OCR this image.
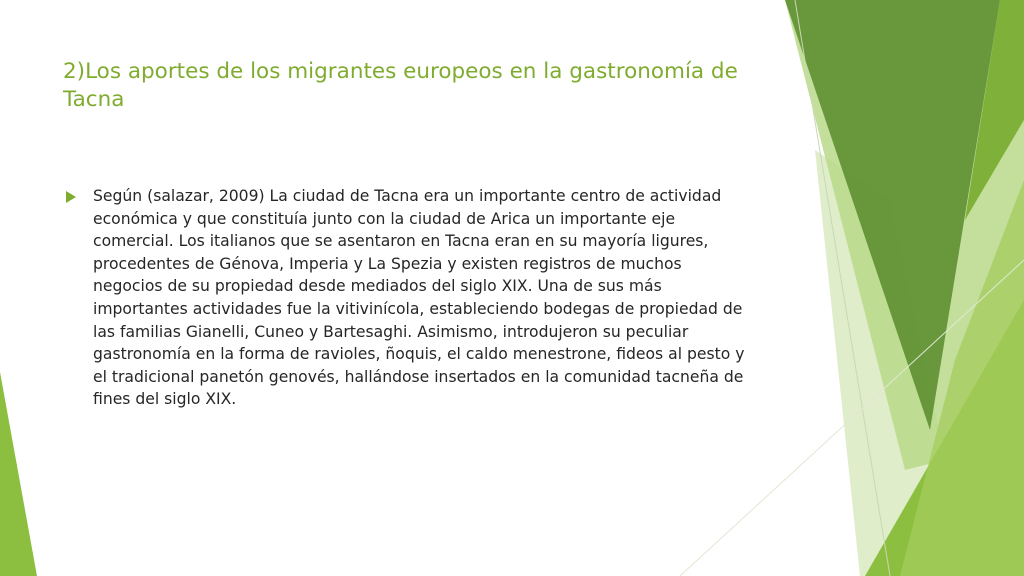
2)Los aportes de los migrantes europeos en la gastronomía de Tacna

Según (salazar, 2009) La ciudad de Tacna era un importante centro de actividad económica y que constituía junto con la ciudad de Arica un importante eje comercial. Los italianos que se asentaron en Tacna eran en su mayoría ligures, procedentes de Génova, Imperia y La Spezia y existen registros de muchos negocios de su propiedad desde mediados del siglo XIX. Una de sus más importantes actividades fue la vitivinícola, estableciendo bodegas de propiedad de las familias Gianelli, Cuneo y Bartesaghi. Asimismo, introdujeron su peculiar gastronomía en la forma de ravioles, ñoquis, el caldo menestrone, fideos al pesto y el tradicional panetón genovés, hallándose insertados en la comunidad tacneña de fines del siglo XIX.
